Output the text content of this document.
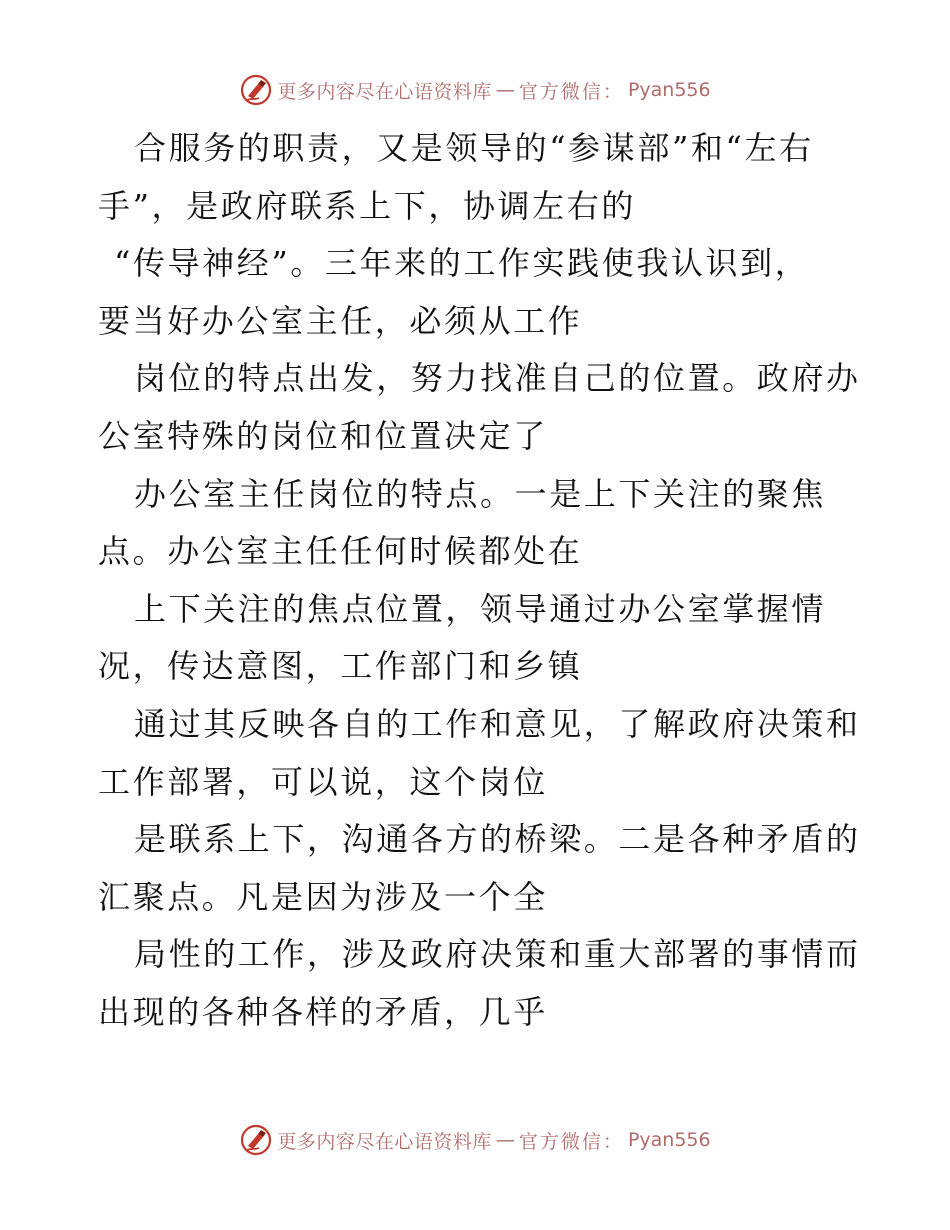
更多内容尽在心语资料库 — 官方微信： Pyan556
合服务的职责，又是领导的“参谋部”和“左右
手”，是政府联系上下，协调左右的
“传导神经”。三年来的工作实践使我认识到，
要当好办公室主任，必须从工作
岗位的特点出发，努力找准自己的位置。政府办
公室特殊的岗位和位置决定了
办公室主任岗位的特点。一是上下关注的聚焦
点。办公室主任任何时候都处在
上下关注的焦点位置，领导通过办公室掌握情
况，传达意图，工作部门和乡镇
通过其反映各自的工作和意见，了解政府决策和
工作部署，可以说，这个岗位
是联系上下，沟通各方的桥梁。二是各种矛盾的
汇聚点。凡是因为涉及一个全
局性的工作，涉及政府决策和重大部署的事情而
出现的各种各样的矛盾，几乎
更多内容尽在心语资料库 — 官方微信： Pyan556
